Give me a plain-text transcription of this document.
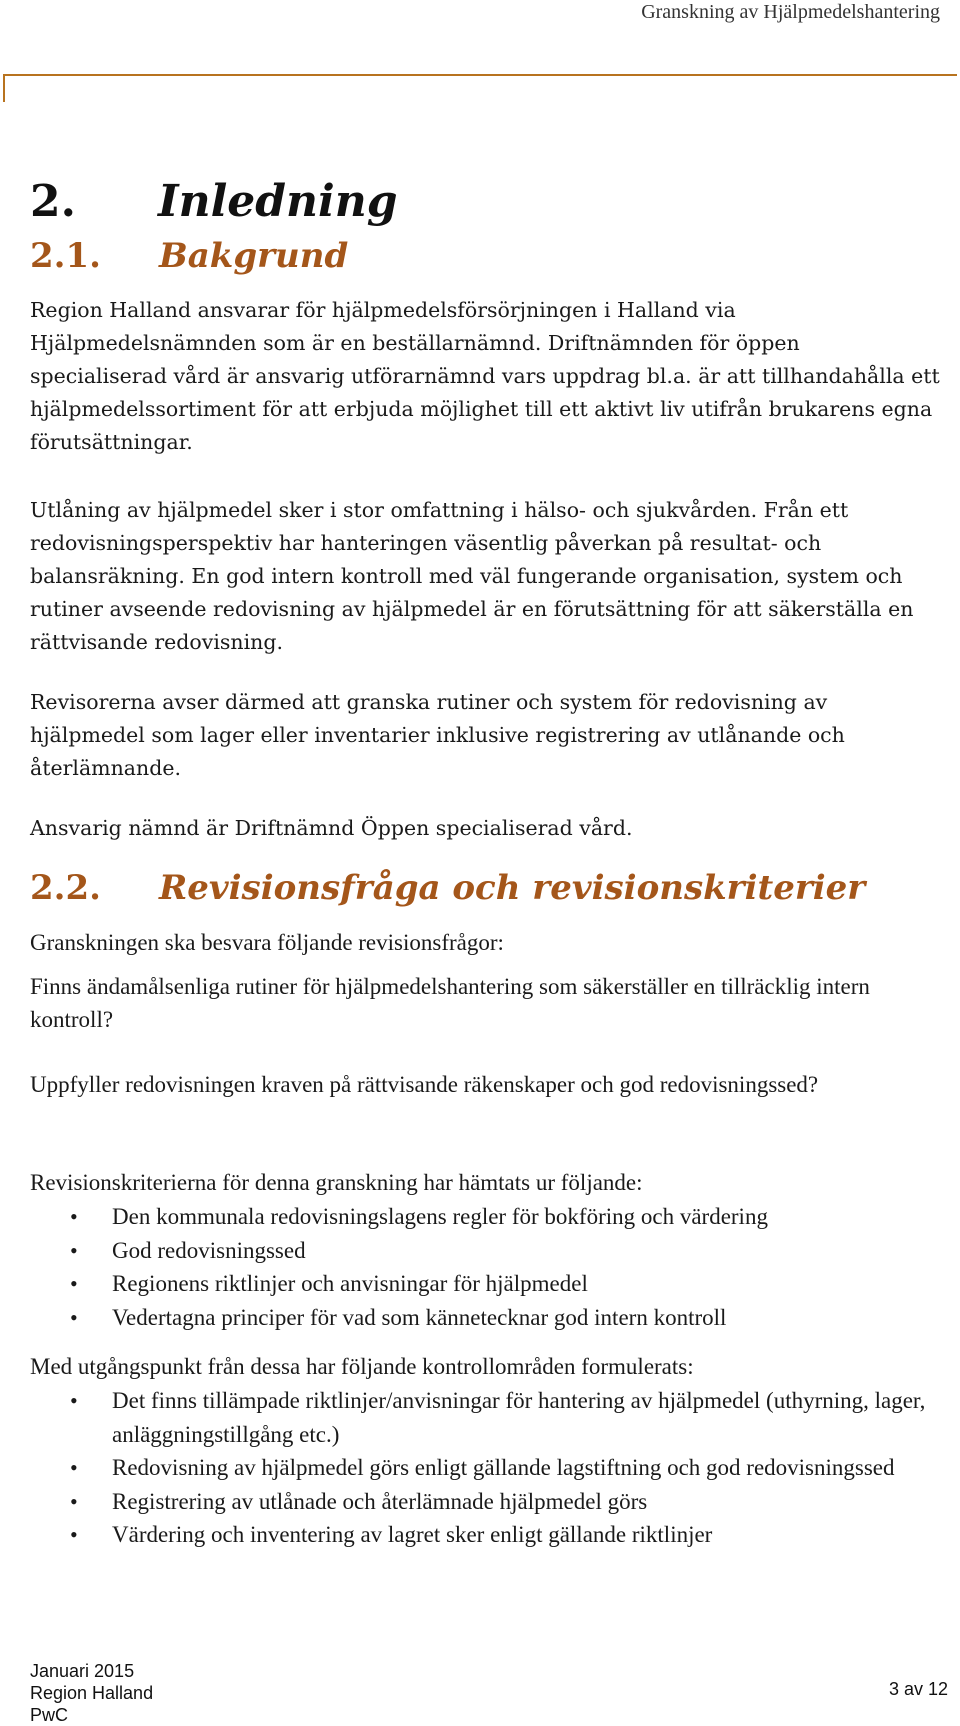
Granskning av Hjälpmedelshantering
2. Inledning
2.1. Bakgrund

Region Halland ansvarar för hjälpmedelsförsörjningen i Halland via Hjälpmedelsnämnden som är en beställarnämnd. Driftnämnden för öppen specialiserad vård är ansvarig utförarnämnd vars uppdrag bl.a. är att tillhandahålla ett hjälpmedelssortiment för att erbjuda möjlighet till ett aktivt liv utifrån brukarens egna förutsättningar.

Utlåning av hjälpmedel sker i stor omfattning i hälso- och sjukvården. Från ett redovisningsperspektiv har hanteringen väsentlig påverkan på resultat- och balansräkning. En god intern kontroll med väl fungerande organisation, system och rutiner avseende redovisning av hjälpmedel är en förutsättning för att säkerställa en rättvisande redovisning.

Revisorerna avser därmed att granska rutiner och system för redovisning av hjälpmedel som lager eller inventarier inklusive registrering av utlånande och återlämnande.

Ansvarig nämnd är Driftnämnd Öppen specialiserad vård.

2.2. Revisionsfråga och revisionskriterier

Granskningen ska besvara följande revisionsfrågor:

Finns ändamålsenliga rutiner för hjälpmedelshantering som säkerställer en tillräcklig intern kontroll?

Uppfyller redovisningen kraven på rättvisande räkenskaper och god redovisningssed?

Revisionskriterierna för denna granskning har hämtats ur följande:

• Den kommunala redovisningslagens regler för bokföring och värdering
• God redovisningssed
• Regionens riktlinjer och anvisningar för hjälpmedel
• Vedertagna principer för vad som kännetecknar god intern kontroll

Med utgångspunkt från dessa har följande kontrollområden formulerats:

• Det finns tillämpade riktlinjer/anvisningar för hantering av hjälpmedel (uthyrning, lager, anläggningstillgång etc.)
• Redovisning av hjälpmedel görs enligt gällande lagstiftning och god redovisningssed
• Registrering av utlånade och återlämnade hjälpmedel görs
• Värdering och inventering av lagret sker enligt gällande riktlinjer
Januari 2015
Region Halland
PwC
3 av 12
